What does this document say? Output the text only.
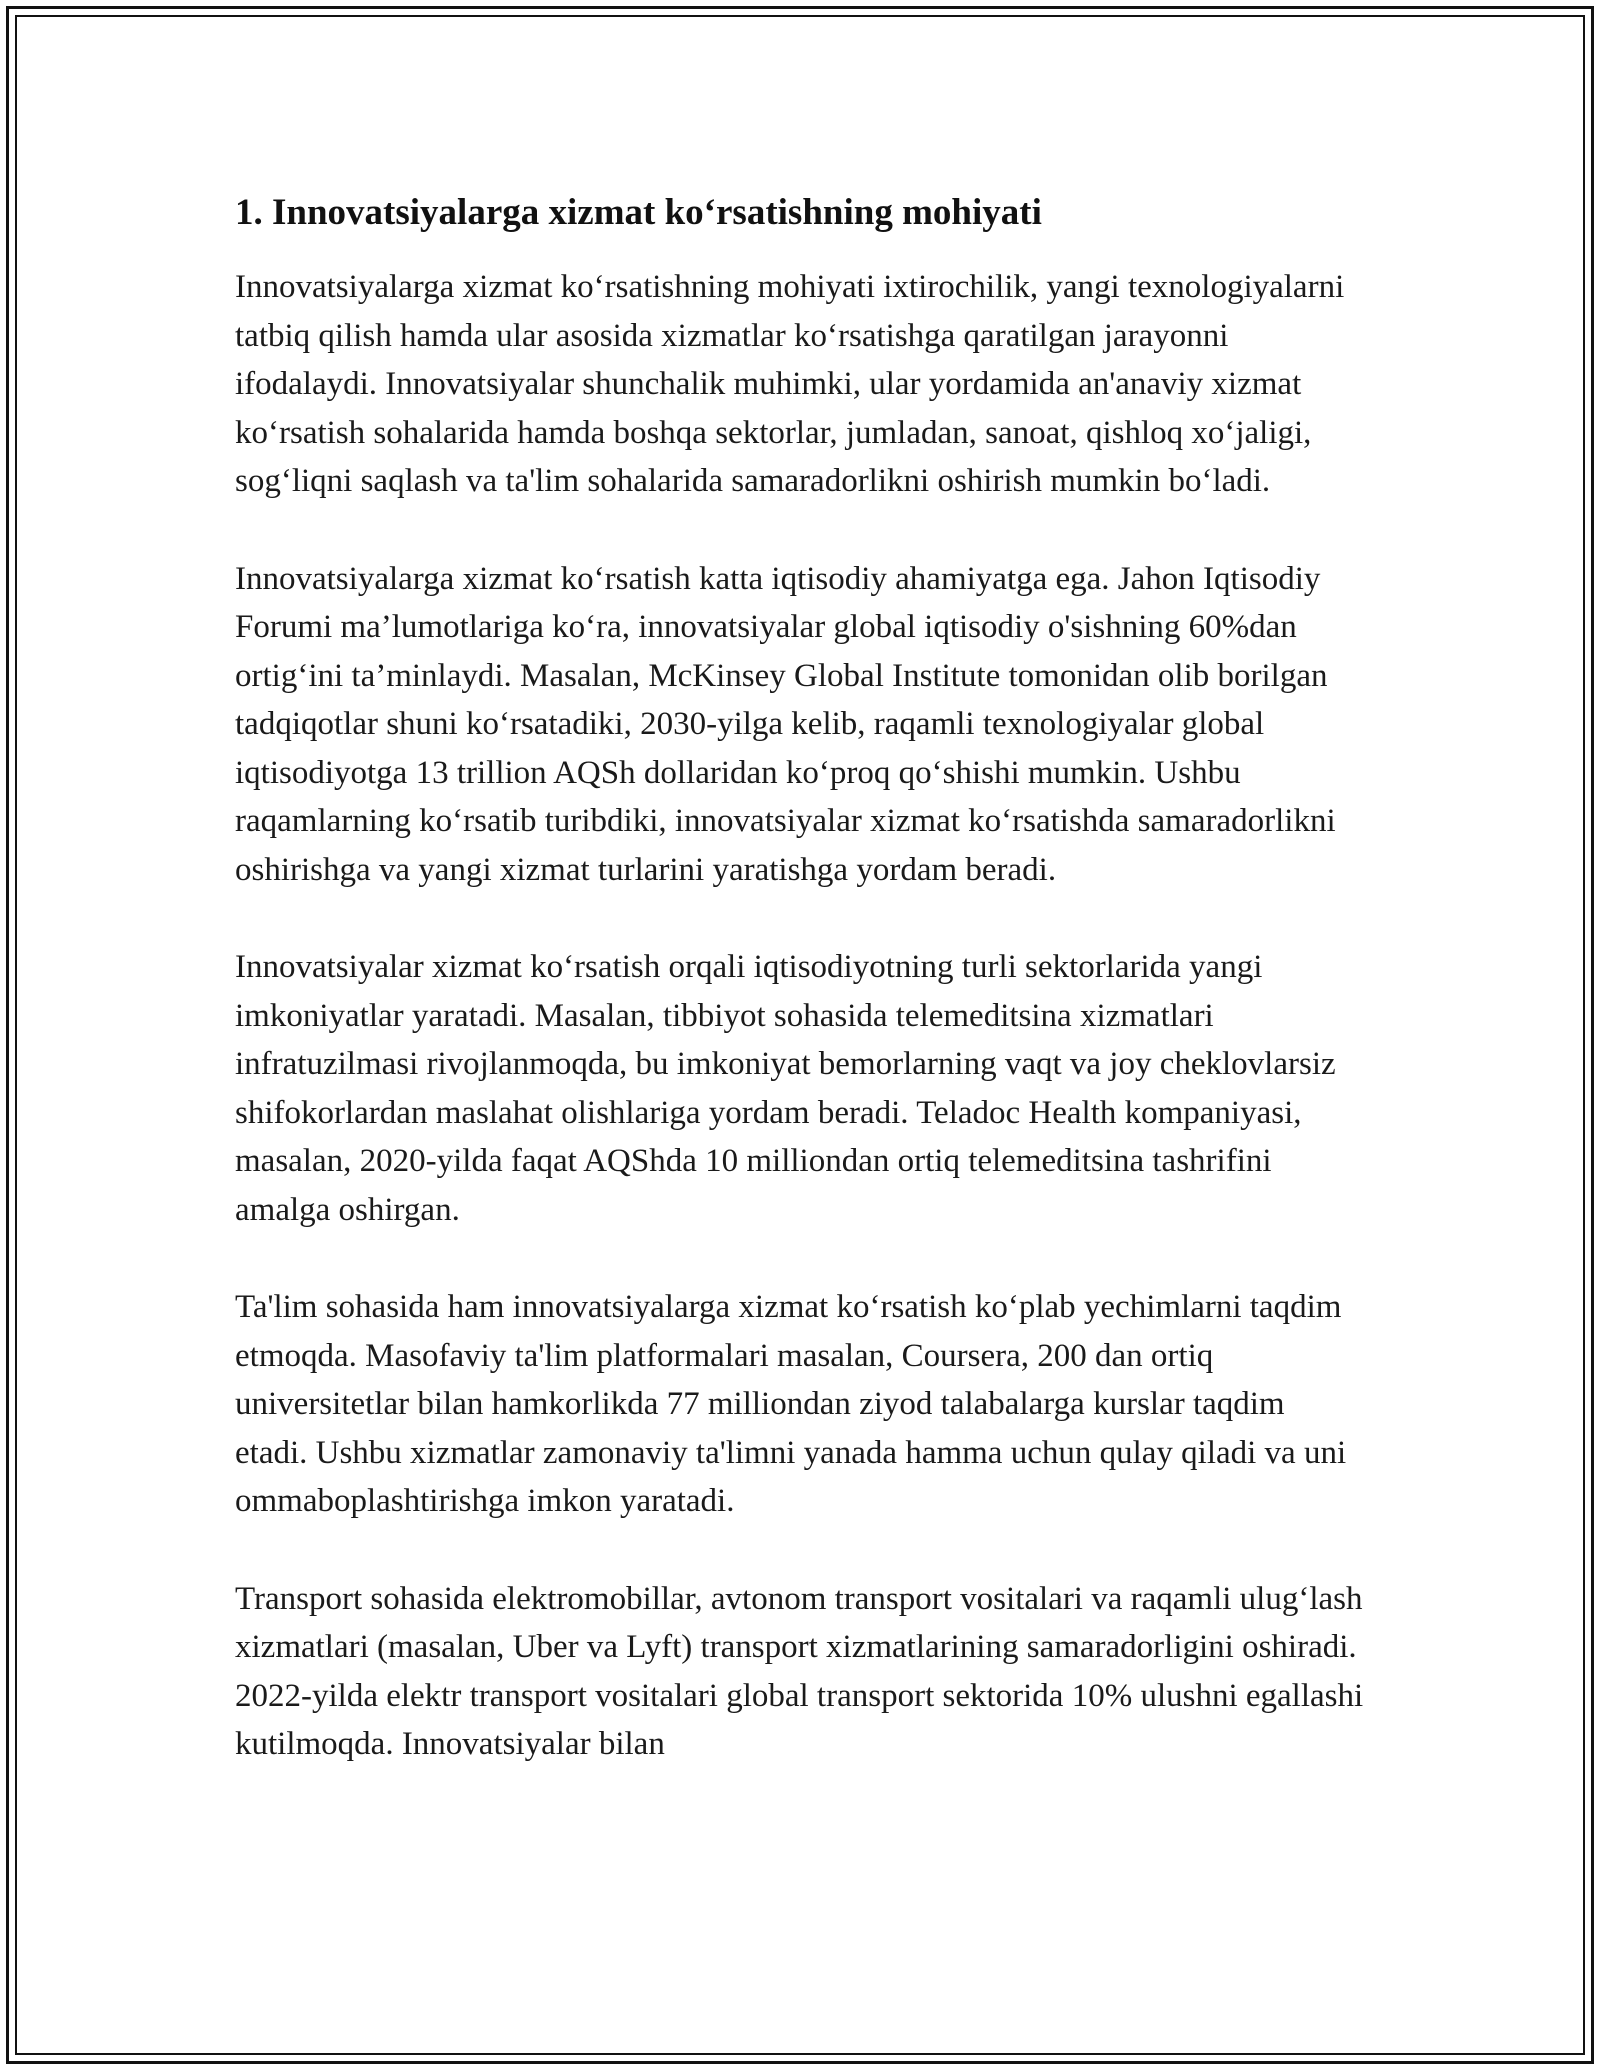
1. Innovatsiyalarga xizmat ko‘rsatishning mohiyati

Innovatsiyalarga xizmat ko‘rsatishning mohiyati ixtirochilik, yangi texnologiyalarni tatbiq qilish hamda ular asosida xizmatlar ko‘rsatishga qaratilgan jarayonni ifodalaydi. Innovatsiyalar shunchalik muhimki, ular yordamida an'anaviy xizmat ko‘rsatish sohalarida hamda boshqa sektorlar, jumladan, sanoat, qishloq xo‘jaligi, sog‘liqni saqlash va ta'lim sohalarida samaradorlikni oshirish mumkin bo‘ladi.

Innovatsiyalarga xizmat ko‘rsatish katta iqtisodiy ahamiyatga ega. Jahon Iqtisodiy Forumi ma’lumotlariga ko‘ra, innovatsiyalar global iqtisodiy o'sishning 60%dan ortig‘ini ta’minlaydi. Masalan, McKinsey Global Institute tomonidan olib borilgan tadqiqotlar shuni ko‘rsatadiki, 2030-yilga kelib, raqamli texnologiyalar global iqtisodiyotga 13 trillion AQSh dollaridan ko‘proq qo‘shishi mumkin. Ushbu raqamlarning ko‘rsatib turibdiki, innovatsiyalar xizmat ko‘rsatishda samaradorlikni oshirishga va yangi xizmat turlarini yaratishga yordam beradi.

Innovatsiyalar xizmat ko‘rsatish orqali iqtisodiyotning turli sektorlarida yangi imkoniyatlar yaratadi. Masalan, tibbiyot sohasida telemeditsina xizmatlari infratuzilmasi rivojlanmoqda, bu imkoniyat bemorlarning vaqt va joy cheklovlarsiz shifokorlardan maslahat olishlariga yordam beradi. Teladoc Health kompaniyasi, masalan, 2020-yilda faqat AQShda 10 milliondan ortiq telemeditsina tashrifini amalga oshirgan.

Ta'lim sohasida ham innovatsiyalarga xizmat ko‘rsatish ko‘plab yechimlarni taqdim etmoqda. Masofaviy ta'lim platformalari masalan, Coursera, 200 dan ortiq universitetlar bilan hamkorlikda 77 milliondan ziyod talabalarga kurslar taqdim etadi. Ushbu xizmatlar zamonaviy ta'limni yanada hamma uchun qulay qiladi va uni ommaboplashtirishga imkon yaratadi.

Transport sohasida elektromobillar, avtonom transport vositalari va raqamli ulug‘lash xizmatlari (masalan, Uber va Lyft) transport xizmatlarining samaradorligini oshiradi. 2022-yilda elektr transport vositalari global transport sektorida 10% ulushni egallashi kutilmoqda. Innovatsiyalar bilan
